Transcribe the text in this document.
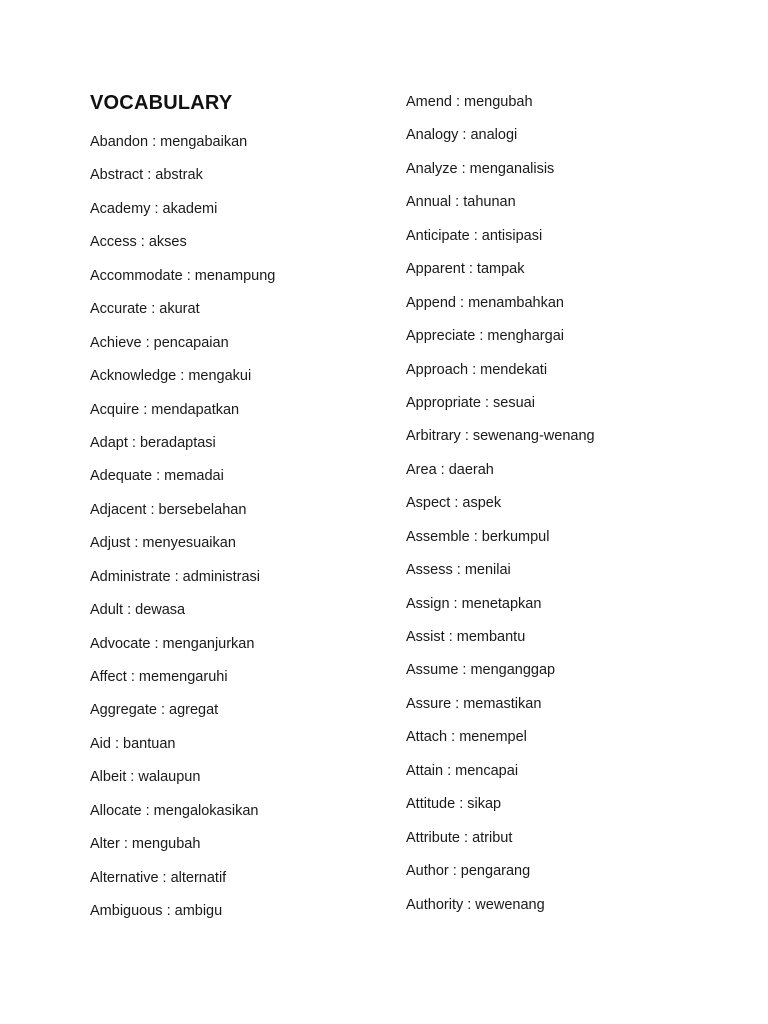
VOCABULARY
Abandon : mengabaikan
Abstract : abstrak
Academy : akademi
Access : akses
Accommodate : menampung
Accurate : akurat
Achieve : pencapaian
Acknowledge : mengakui
Acquire : mendapatkan
Adapt : beradaptasi
Adequate : memadai
Adjacent : bersebelahan
Adjust : menyesuaikan
Administrate : administrasi
Adult : dewasa
Advocate : menganjurkan
Affect : memengaruhi
Aggregate : agregat
Aid : bantuan
Albeit : walaupun
Allocate : mengalokasikan
Alter : mengubah
Alternative : alternatif
Ambiguous : ambigu
Amend : mengubah
Analogy : analogi
Analyze : menganalisis
Annual : tahunan
Anticipate : antisipasi
Apparent : tampak
Append : menambahkan
Appreciate : menghargai
Approach : mendekati
Appropriate : sesuai
Arbitrary : sewenang-wenang
Area : daerah
Aspect : aspek
Assemble : berkumpul
Assess : menilai
Assign : menetapkan
Assist : membantu
Assume : menganggap
Assure : memastikan
Attach : menempel
Attain : mencapai
Attitude : sikap
Attribute : atribut
Author : pengarang
Authority : wewenang
